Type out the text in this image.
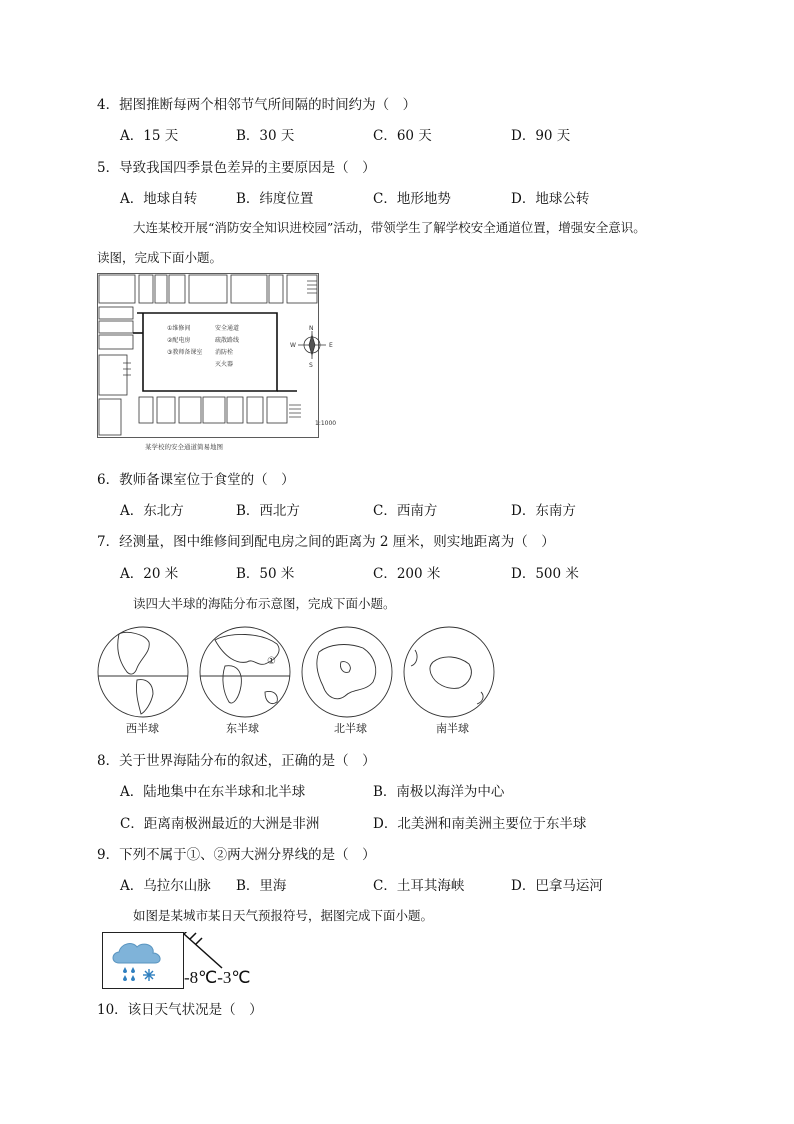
4．据图推断每两个相邻节气所间隔的时间约为（　）
A．15 天	B．30 天	C．60 天	D．90 天
5．导致我国四季景色差异的主要原因是（　）
A．地球自转	B．纬度位置	C．地形地势	D．地球公转
大连某校开展“消防安全知识进校园”活动，带领学生了解学校安全通道位置，增强安全意识。
读图，完成下面小题。
①维修间
②配电房
③教师备课室
安全通道
疏散路线
消防栓
灭火器
N
S
E
W
1:1000
某学校的安全通道简易地图
6．教师备课室位于食堂的（　）
A．东北方	B．西北方	C．西南方	D．东南方
7．经测量，图中维修间到配电房之间的距离为 2 厘米，则实地距离为（　）
A．20 米	B．50 米	C．200 米	D．500 米
读四大半球的海陆分布示意图，完成下面小题。
①
西半球	东半球	北半球	南半球
8．关于世界海陆分布的叙述，正确的是（　）
A．陆地集中在东半球和北半球	B．南极以海洋为中心
C．距离南极洲最近的大洲是非洲	D．北美洲和南美洲主要位于东半球
9．下列不属于①、②两大洲分界线的是（　）
A．乌拉尔山脉 B．里海	C．土耳其海峡	D．巴拿马运河
如图是某城市某日天气预报符号，据图完成下面小题。
-8℃-3℃
10．该日天气状况是（　）
